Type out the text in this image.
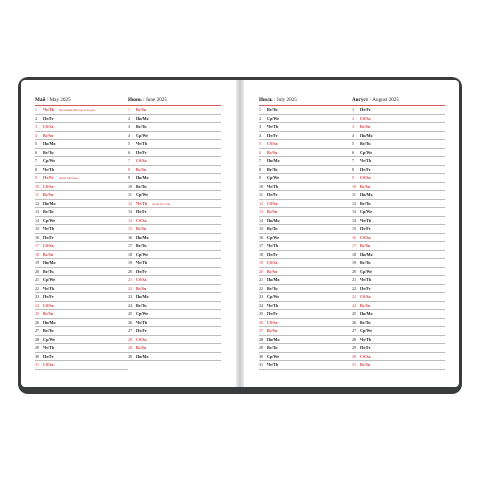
Май / May 2025
1	Чт/Th Праздник Весны и Труда
2	Пт/Fr
3	Сб/Sa
4	Вс/Su
5	Пн/Mo
6	Вт/Tu
7	Ср/We
8	Чт/Th
9	Пт/Fr День Победы
10 Сб/Sa
11 Вс/Su
12 Пн/Mo
13 Вт/Tu
14 Ср/We
15 Чт/Th
16 Пт/Fr
17 Сб/Sa
18 Вс/Su
19 Пн/Mo
20 Вт/Tu
21 Ср/We
22 Чт/Th
23 Пт/Fr
24 Сб/Sa
25 Вс/Su
26 Пн/Mo
27 Вт/Tu
28 Ср/We
29 Чт/Th
30 Пт/Fr
31 Сб/Sa
Июнь / June 2025
1	Вс/Su
2	Пн/Mo
3	Вт/Tu
4	Ср/We
5	Чт/Th
6	Пт/Fr
7	Сб/Sa
8	Вс/Su
9	Пн/Mo
10 Вт/Tu
11 Ср/We
12 Чт/Th День России
13 Пт/Fr
14 Сб/Sa
15 Вс/Su
16 Пн/Mo
17 Вт/Tu
18 Ср/We
19 Чт/Th
20 Пт/Fr
21 Сб/Sa
22 Вс/Su
23 Пн/Mo
24 Вт/Tu
25 Ср/We
26 Чт/Th
27 Пт/Fr
28 Сб/Sa
29 Вс/Su
30 Пн/Mo
Июль / July 2025
1	Вт/Tu
2	Ср/We
3	Чт/Th
4	Пт/Fr
5	Сб/Sa
6	Вс/Su
7	Пн/Mo
8	Вт/Tu
9	Ср/We
10 Чт/Th
11 Пт/Fr
12 Сб/Sa
13 Вс/Su
14 Пн/Mo
15 Вт/Tu
16 Ср/We
17 Чт/Th
18 Пт/Fr
19 Сб/Sa
20 Вс/Su
21 Пн/Mo
22 Вт/Tu
23 Ср/We
24 Чт/Th
25 Пт/Fr
26 Сб/Sa
27 Вс/Su
28 Пн/Mo
29 Вт/Tu
30 Ср/We
31 Чт/Th
Август / August 2025
1	Пт/Fr
2	Сб/Sa
3	Вс/Su
4	Пн/Mo
5	Вт/Tu
6	Ср/We
7	Чт/Th
8	Пт/Fr
9	Сб/Sa
10 Вс/Su
11 Пн/Mo
12 Вт/Tu
13 Ср/We
14 Чт/Th
15 Пт/Fr
16 Сб/Sa
17 Вс/Su
18 Пн/Mo
19 Вт/Tu
20 Ср/We
21 Чт/Th
22 Пт/Fr
23 Сб/Sa
24 Вс/Su
25 Пн/Mo
26 Вт/Tu
27 Ср/We
28 Чт/Th
29 Пт/Fr
30 Сб/Sa
31 Вс/Su
